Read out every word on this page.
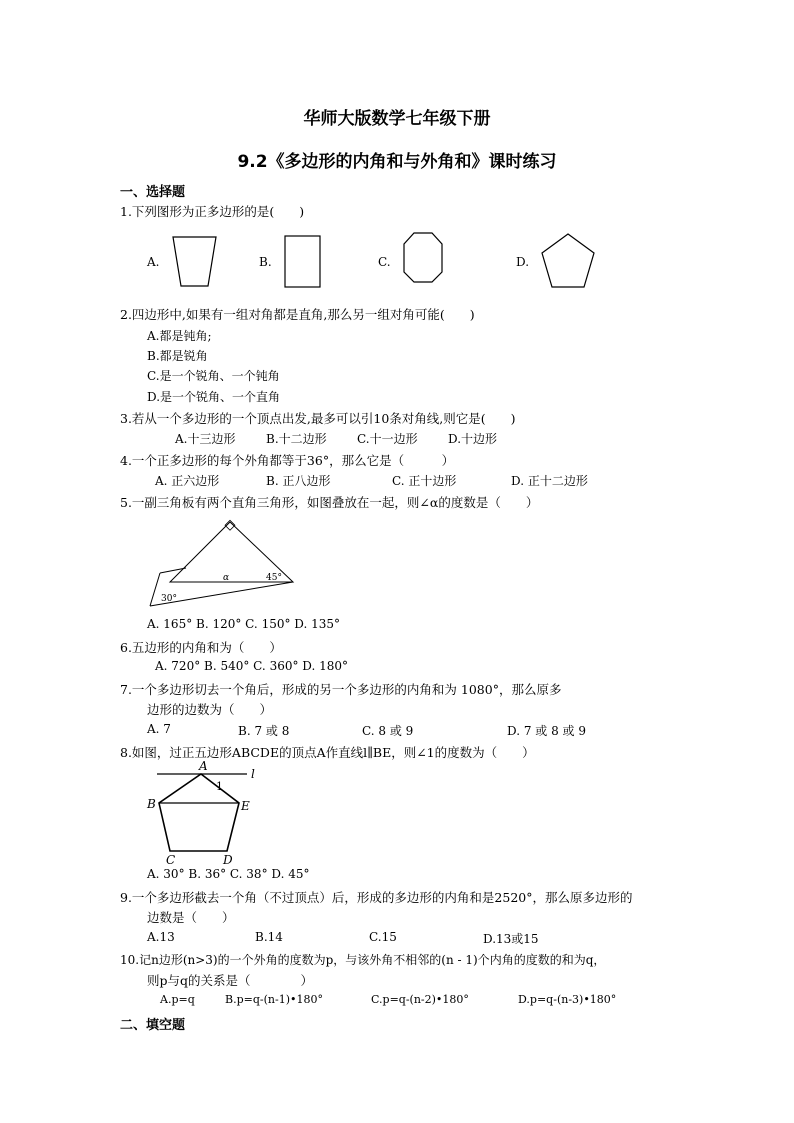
华师大版数学七年级下册
9.2《多边形的内角和与外角和》课时练习
一、选择题
1.下列图形为正多边形的是(　　)
A.	B.	C.	D.
2.四边形中,如果有一组对角都是直角,那么另一组对角可能(　　)
A.都是钝角;
B.都是锐角
C.是一个锐角、一个钝角
D.是一个锐角、一个直角
3.若从一个多边形的一个顶点出发,最多可以引10条对角线,则它是(　　)
A.十三边形	B.十二边形	C.十一边形	D.十边形
4.一个正多边形的每个外角都等于36°，那么它是（　　　）
A. 正六边形	B. 正八边形	C. 正十边形	D. 正十二边形
5.一副三角板有两个直角三角形，如图叠放在一起，则∠α的度数是（　　）
α	45°
30°
A. 165° B. 120° C. 150° D. 135°
6.五边形的内角和为（　　）
A. 720° B. 540° C. 360° D. 180°
7.一个多边形切去一个角后，形成的另一个多边形的内角和为 1080°，那么原多
边形的边数为（　　）
A. 7	B. 7 或 8	C. 8 或 9	D. 7 或 8 或 9
8.如图，过正五边形ABCDE的顶点A作直线l∥BE，则∠1的度数为（　　）
A
l
1
B	E
C	D
A. 30° B. 36° C. 38° D. 45°
9.一个多边形截去一个角（不过顶点）后，形成的多边形的内角和是2520°，那么原多边形的
边数是（　　）
A.13	B.14	C.15	D.13或15
10.记n边形(n>3)的一个外角的度数为p，与该外角不相邻的(n - 1)个内角的度数的和为q，
则p与q的关系是（　　　　）
A.p=q	B.p=q-(n-1)•180°	C.p=q-(n-2)•180°	D.p=q-(n-3)•180°
二、填空题
